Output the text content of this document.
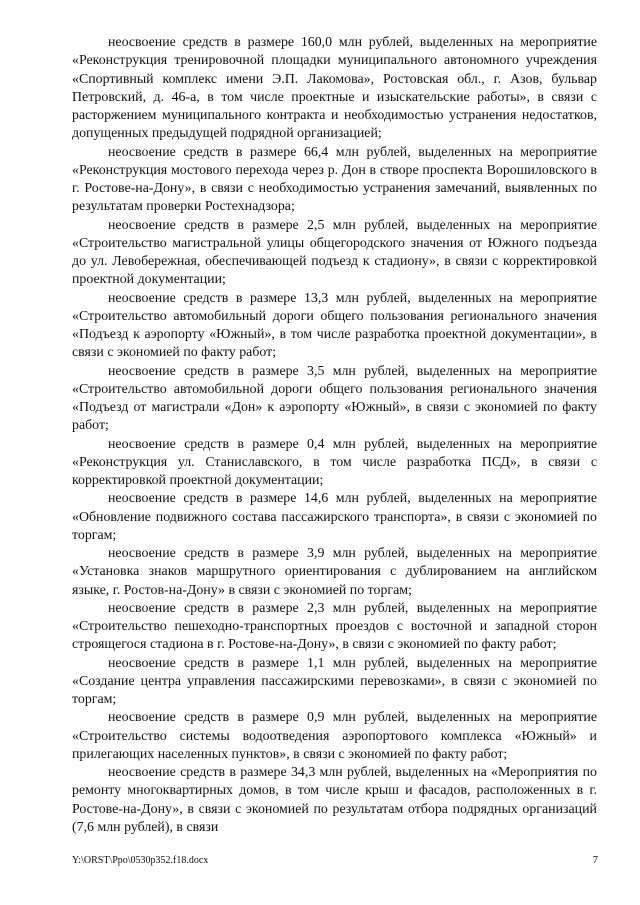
неосвоение средств в размере 160,0 млн рублей, выделенных на мероприятие «Реконструкция тренировочной площадки муниципального автономного учреждения «Спортивный комплекс имени Э.П. Лакомова», Ростовская обл., г. Азов, бульвар Петровский, д. 46-а, в том числе проектные и изыскательские работы», в связи с расторжением муниципального контракта и необходимостью устранения недостатков, допущенных предыдущей подрядной организацией;

неосвоение средств в размере 66,4 млн рублей, выделенных на мероприятие «Реконструкция мостового перехода через р. Дон в створе проспекта Ворошиловского в г. Ростове-на-Дону», в связи с необходимостью устранения замечаний, выявленных по результатам проверки Ростехнадзора;

неосвоение средств в размере 2,5 млн рублей, выделенных на мероприятие «Строительство магистральной улицы общегородского значения от Южного подъезда до ул. Левобережная, обеспечивающей подъезд к стадиону», в связи с корректировкой проектной документации;

неосвоение средств в размере 13,3 млн рублей, выделенных на мероприятие «Строительство автомобильный дороги общего пользования регионального значения «Подъезд к аэропорту «Южный», в том числе разработка проектной документации», в связи с экономией по факту работ;

неосвоение средств в размере 3,5 млн рублей, выделенных на мероприятие «Строительство автомобильной дороги общего пользования регионального значения «Подъезд от магистрали «Дон» к аэропорту «Южный», в связи с экономией по факту работ;

неосвоение средств в размере 0,4 млн рублей, выделенных на мероприятие «Реконструкция ул. Станиславского, в том числе разработка ПСД», в связи с корректировкой проектной документации;

неосвоение средств в размере 14,6 млн рублей, выделенных на мероприятие «Обновление подвижного состава пассажирского транспорта», в связи с экономией по торгам;

неосвоение средств в размере 3,9 млн рублей, выделенных на мероприятие «Установка знаков маршрутного ориентирования с дублированием на английском языке, г. Ростов-на-Дону» в связи с экономией по торгам;

неосвоение средств в размере 2,3 млн рублей, выделенных на мероприятие «Строительство пешеходно-транспортных проездов с восточной и западной сторон строящегося стадиона в г. Ростове-на-Дону», в связи с экономией по факту работ;

неосвоение средств в размере 1,1 млн рублей, выделенных на мероприятие «Создание центра управления пассажирскими перевозками», в связи с экономией по торгам;

неосвоение средств в размере 0,9 млн рублей, выделенных на мероприятие «Строительство системы водоотведения аэропортового комплекса «Южный» и прилегающих населенных пунктов», в связи с экономией по факту работ;

неосвоение средств в размере 34,3 млн рублей, выделенных на «Мероприятия по ремонту многоквартирных домов, в том числе крыш и фасадов, расположенных в г. Ростове-на-Дону», в связи с экономией по результатам отбора подрядных организаций (7,6 млн рублей), в связи

Y:\ORST\Ppo\0530p352.f18.docx	7
